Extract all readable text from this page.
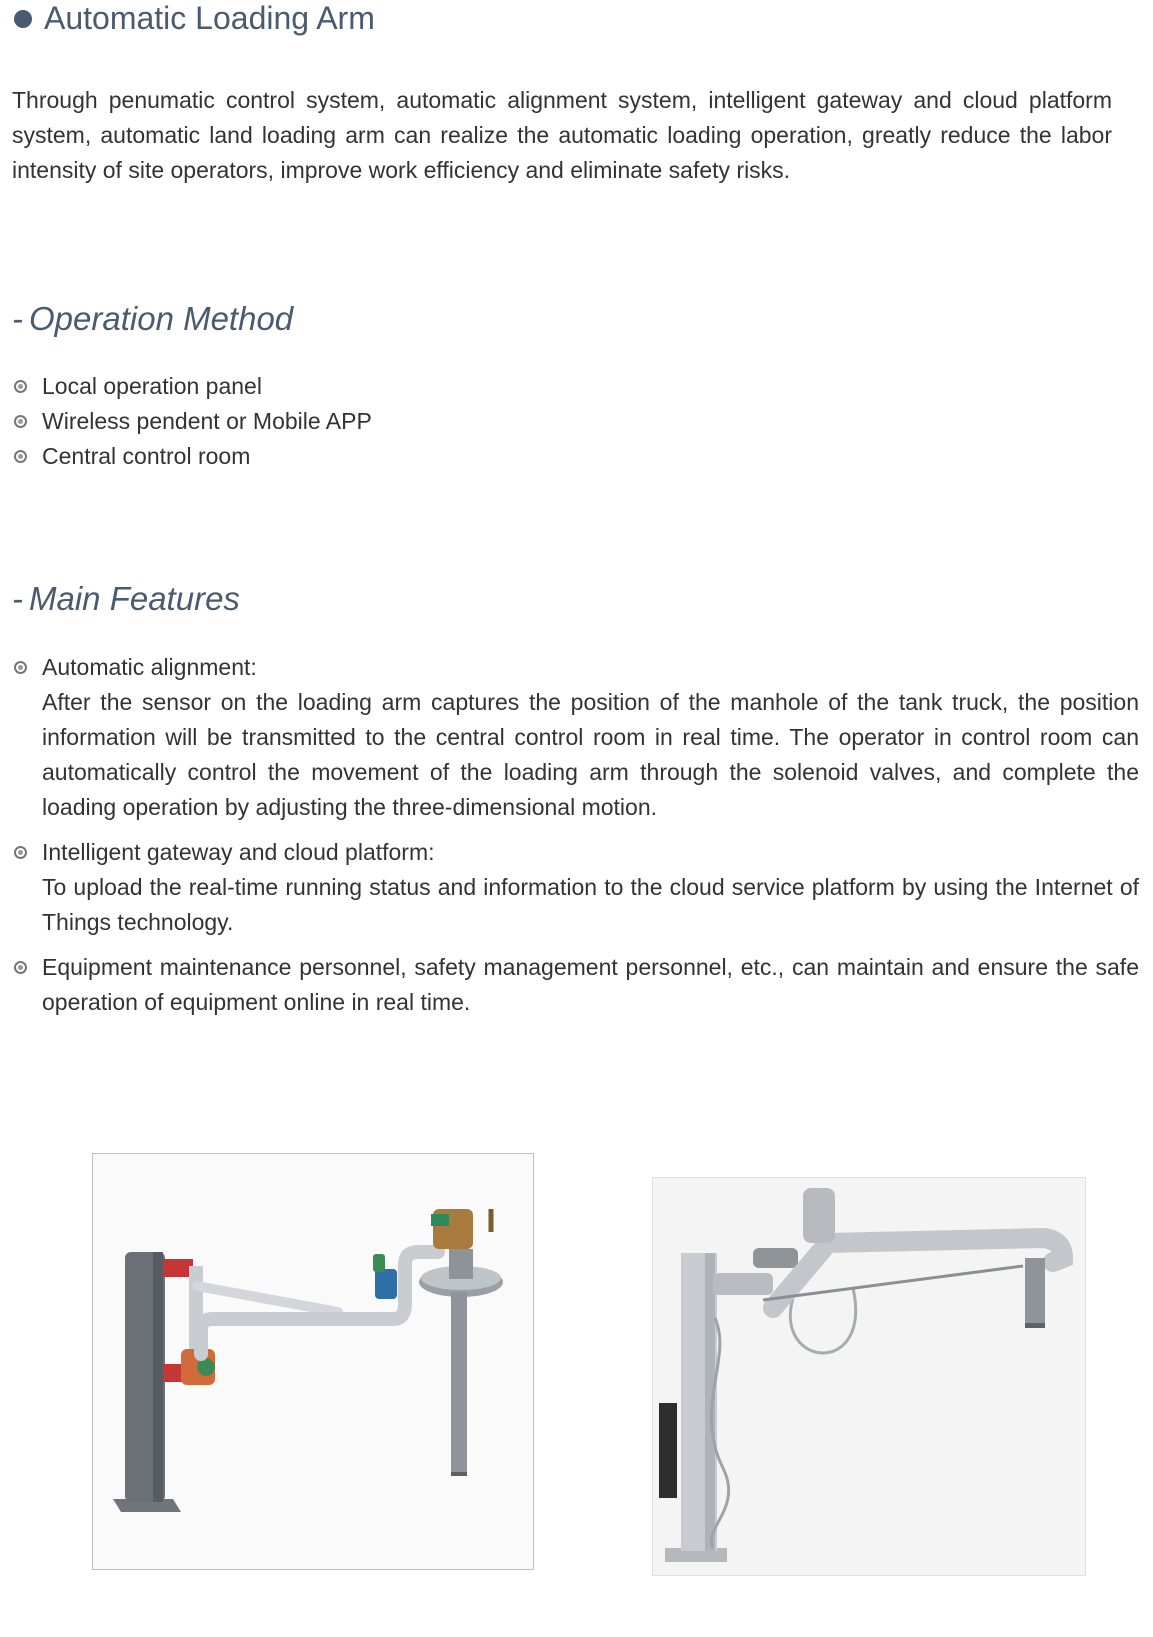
Automatic Loading Arm

Through penumatic control system, automatic alignment system, intelligent gateway and cloud platform system, automatic land loading arm can realize the automatic loading operation, greatly reduce the labor intensity of site operators, improve work efficiency and eliminate safety risks.

- Operation Method
Local operation panel
Wireless pendent or Mobile APP
Central control room
- Main Features
Automatic alignment:
After the sensor on the loading arm captures the position of the manhole of the tank truck, the position information will be transmitted to the central control room in real time. The operator in control room can automatically control the movement of the loading arm through the solenoid valves, and complete the loading operation by adjusting the three-dimensional motion.
Intelligent gateway and cloud platform:
To upload the real-time running status and information to the cloud service platform by using the Internet of Things technology.
Equipment maintenance personnel, safety management personnel, etc., can maintain and ensure the safe operation of equipment online in real time.
